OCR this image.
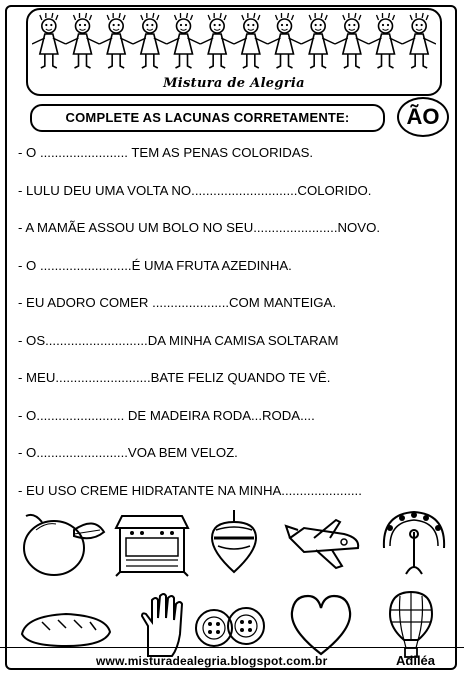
Mistura de Alegria
COMPLETE AS LACUNAS CORRETAMENTE:	ÃO
- O ........................ TEM AS PENAS COLORIDAS.
- LULU DEU UMA VOLTA NO.............................COLORIDO.
- A MAMÃE ASSOU UM BOLO NO SEU.......................NOVO.
- O .........................É UMA FRUTA AZEDINHA.
- EU ADORO COMER .....................COM MANTEIGA.
- OS............................DA MINHA CAMISA SOLTARAM
- MEU..........................BATE FELIZ QUANDO TE VÊ.
- O........................ DE MADEIRA RODA...RODA....
- O.........................VOA BEM VELOZ.
- EU USO CREME HIDRATANTE NA MINHA......................
www.misturadealegria.blogspot.com.br	Adiléa
